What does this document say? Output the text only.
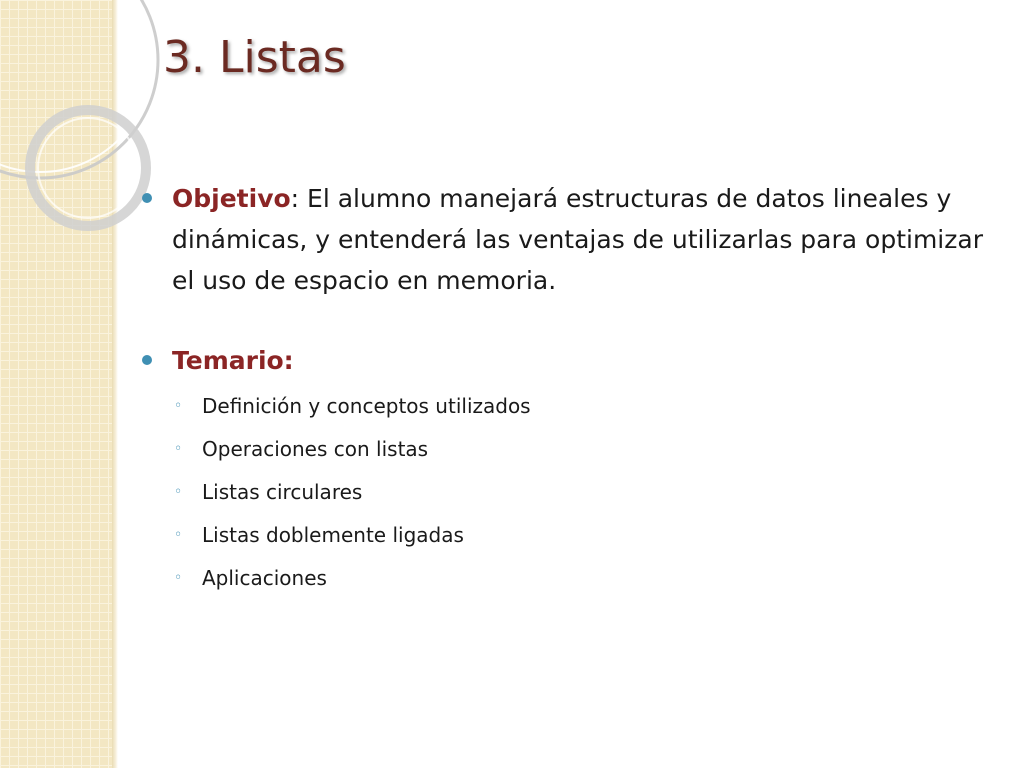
3. Listas
Objetivo: El alumno manejará estructuras de datos lineales y dinámicas, y entenderá las ventajas de utilizarlas para optimizar el uso de espacio en memoria.
Temario:
◦ Definición y conceptos utilizados
◦ Operaciones con listas
◦ Listas circulares
◦ Listas doblemente ligadas
◦ Aplicaciones
